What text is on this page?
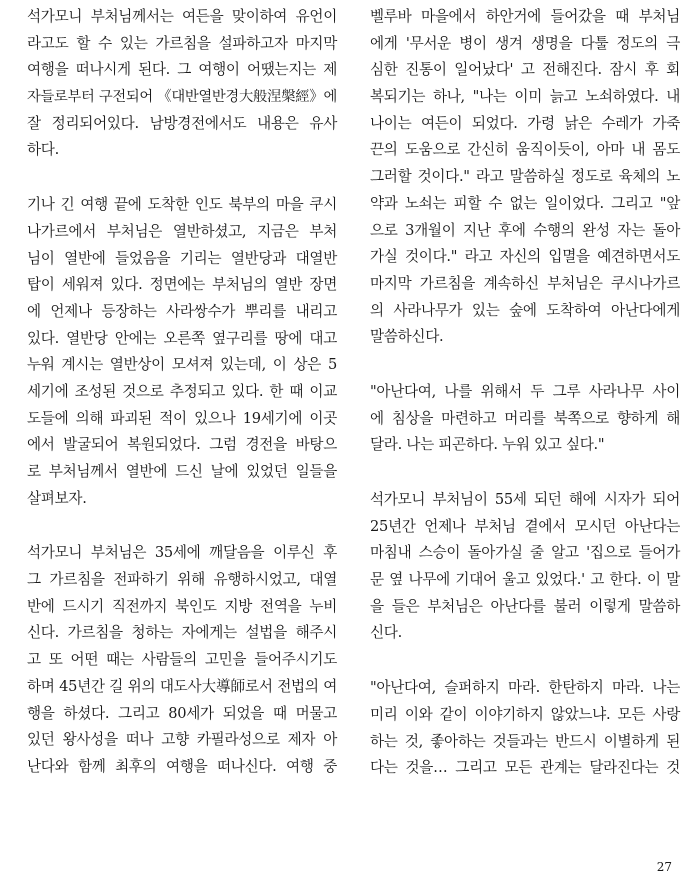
석가모니 부처님께서는 여든을 맞이하여 유언이
라고도 할 수 있는 가르침을 설파하고자 마지막
여행을 떠나시게 된다. 그 여행이 어땠는지는 제
자들로부터 구전되어 《대반열반경大般涅槃經》에
잘 정리되어있다. 남방경전에서도 내용은 유사
하다.
기나 긴 여행 끝에 도착한 인도 북부의 마을 쿠시
나가르에서 부처님은 열반하셨고, 지금은 부처
님이 열반에 들었음을 기리는 열반당과 대열반
탑이 세워져 있다. 정면에는 부처님의 열반 장면
에 언제나 등장하는 사라쌍수가 뿌리를 내리고
있다. 열반당 안에는 오른쪽 옆구리를 땅에 대고
누워 계시는 열반상이 모셔져 있는데, 이 상은 5
세기에 조성된 것으로 추정되고 있다. 한 때 이교
도들에 의해 파괴된 적이 있으나 19세기에 이곳
에서 발굴되어 복원되었다. 그럼 경전을 바탕으
로 부처님께서 열반에 드신 날에 있었던 일들을
살펴보자.
석가모니 부처님은 35세에 깨달음을 이루신 후
그 가르침을 전파하기 위해 유행하시었고, 대열
반에 드시기 직전까지 북인도 지방 전역을 누비
신다. 가르침을 청하는 자에게는 설법을 해주시
고 또 어떤 때는 사람들의 고민을 들어주시기도
하며 45년간 길 위의 대도사大導師로서 전법의 여
행을 하셨다. 그리고 80세가 되었을 때 머물고
있던 왕사성을 떠나 고향 카필라성으로 제자 아
난다와 함께 최후의 여행을 떠나신다. 여행 중
벨루바 마을에서 하안거에 들어갔을 때 부처님
에게 '무서운 병이 생겨 생명을 다툴 정도의 극
심한 진통이 일어났다' 고 전해진다. 잠시 후 회
복되기는 하나, "나는 이미 늙고 노쇠하였다. 내
나이는 여든이 되었다. 가령 낡은 수레가 가죽
끈의 도움으로 간신히 움직이듯이, 아마 내 몸도
그러할 것이다." 라고 말씀하실 정도로 육체의 노
약과 노쇠는 피할 수 없는 일이었다. 그리고 "앞
으로 3개월이 지난 후에 수행의 완성 자는 돌아
가실 것이다." 라고 자신의 입멸을 예견하면서도
마지막 가르침을 계속하신 부처님은 쿠시나가르
의 사라나무가 있는 숲에 도착하여 아난다에게
말씀하신다.
"아난다여, 나를 위해서 두 그루 사라나무 사이
에 침상을 마련하고 머리를 북쪽으로 향하게 해
달라. 나는 피곤하다. 누워 있고 싶다."
석가모니 부처님이 55세 되던 해에 시자가 되어
25년간 언제나 부처님 곁에서 모시던 아난다는
마침내 스승이 돌아가실 줄 알고 '집으로 들어가
문 옆 나무에 기대어 울고 있었다.' 고 한다. 이 말
을 들은 부처님은 아난다를 불러 이렇게 말씀하
신다.
"아난다여, 슬퍼하지 마라. 한탄하지 마라. 나는
미리 이와 같이 이야기하지 않았느냐. 모든 사랑
하는 것, 좋아하는 것들과는 반드시 이별하게 된
다는 것을… 그리고 모든 관계는 달라진다는 것
27
